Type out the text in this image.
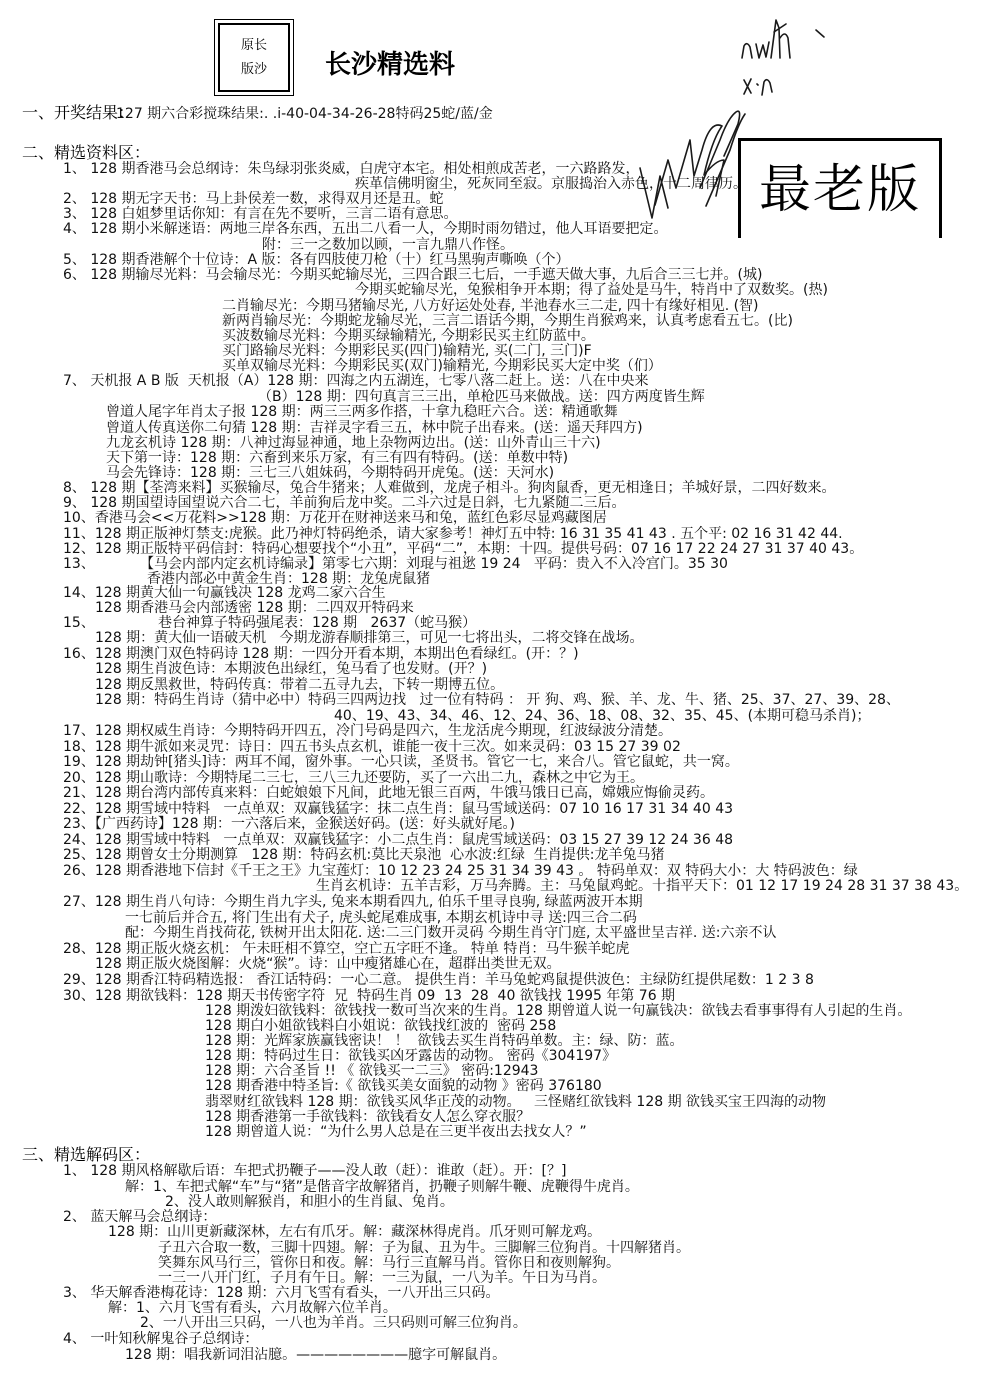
原长
版沙 长沙精选料
最老版
一、开奖结果：
127 期六合彩搅珠结果:. .i-40-04-34-26-28特码25蛇/蓝/金
二、精选资料区：
1、 128 期香港马会总纲诗：朱鸟绿羽张炎威，白虎守本宅。相处相煎成苦老，一六路路发，
疾革信佛明窗尘，死灰同至寂。京服捣治入赤色，十二周律历。
2、 128 期无字天书：马上卦侯差一数，求得双月还是丑。蛇
3、 128 白姐梦里话你知：有言在先不要听，三言二语有意思。
4、 128 期小米解迷语：两地三岸各东西，五出二八看一人，今期时雨勿错过，他人耳语要把定。
附：三一之数加以顾，一言九鼎八作怪。
5、 128 期香港解个十位诗：A 版：各有四肢使刀枪（十）红马黑驹声嘶唤（个）
6、 128 期输尽光料：马会输尽光：今期买蛇输尽光，三四合跟三七后，一手遮天做大事，九后合三三七并。(城)
今期买蛇输尽光，兔猴相争开本期；得了益处是马牛，特肖中了双数奖。(热)
二肖输尽光：今期马猪输尽光, 八方好运处处春, 半池春水三二走, 四十有缘好相见. (智)
新两肖输尽光：今期蛇龙输尽光，三言二语话今期，今期生肖猴鸡来，认真考虑看五七。(比)
买波数输尽光料：今期买绿输精光, 今期彩民买主红防蓝中。
买门路输尽光料：今期彩民买(四门)输精光, 买(二门, 三门)F
买单双输尽光料：今期彩民买(双门)输精光, 今期彩民买大定中奖（们）
7、 天机报 A B 版  天机报（A）128 期：四海之内五湖连，七零八落二赶上。送：八在中央来
（B）128 期：四句真言三三出，单枪匹马来做战。送：四方两度皆生辉
曾道人尾字年肖太子报 128 期：两三三两多作搭，十拿九稳旺六合。送：精通歌舞
曾道人传真送你二句猜 128 期：吉祥灵字看三五，林中院子出春来。(送：遥天拜四方)
九龙玄机诗 128 期：八神过海显神通，地上杂物两边出。(送：山外青山三十六)
天下第一诗：128 期：六畜到来乐万家，有三有四有特码。(送：单数中特)
马会先锋诗：128 期：三七三八姐妹码，今期特码开虎兔。(送：天河水)
8、 128 期【荃湾来料】买猴输尽，兔合牛猪来；人难做到，龙虎子相斗。狗肉鼠香，更无相逢日；羊城好景，二四好数来。
9、 128 期国望诗国望说六合二七，羊前狗后龙中奖。二斗六过是日斜，七九紧随二三后。
10、香港马会<<万花料>>128 期：万花开在财神送来马和兔，蓝红色彩尽显鸡藏图居
11、128 期正版神灯禁支:虎猴。此乃神灯特码绝杀，请大家参考！神灯五中特: 16 31 35 41 43 . 五个平: 02 16 31 42 44.
12、128 期正版特平码信封：特码心想要找个“小丑”，平码“二”，本期：十四。提供号码：07 16 17 22 24 27 31 37 40 43。
13、	【马会内部内定玄机诗编录】第零七六期：刘琨与祖逖 19 24   平码：贵入不入冷宫门。35 30
香港内部必中黄金生肖：128 期：龙兔虎鼠猪
14、128 期黄大仙一句赢钱决 128 龙鸡二家六合生
128 期香港马会内部透密 128 期：二四双开特码来
15、	巷台神算子特码强尾表：128 期   2637（蛇马猴）
128 期：黄大仙一语破天机   今期龙游春顺排第三，可见一七将出头，二将交锋在战场。
16、128 期澳门双色特码诗 128 期：一四分开看本期，本期出色看绿红。(开：？)
128 期生肖波色诗：本期波色出绿红，兔马看了也发财。(开？)
128 期反黑救世，特码传真：带着二五寻九去，下转一期博五位。
128 期：特码生肖诗（猜中必中）特码三四两边找   过一位有特码 ： 开 狗、鸡、猴、羊、龙、牛、猪、25、37、27、39、28、
40、19、43、34、46、12、24、36、18、08、32、35、45、(本期可稳马杀肖)；
17、128 期权威生肖诗：今期特码开四五，冷门号码是四六，生龙活虎今期现，红波绿波分清楚。
18、128 期牛派如来灵咒：诗日：四五书头点玄机，谁能一夜十三次。如来灵码：03 15 27 39 02
19、128 期劫钟[猪头]诗：两耳不闻，窗外事。一心只读，圣贤书。管它一七，来合八。管它鼠蛇，共一窝。
20、128 期山歌诗：今期特尾二三七，三八三九还要防，买了一六出二九，森林之中它为王。
21、128 期台湾内部传真来料：白蛇娘娘下凡间，此地无银三百两，牛饿马饿日已高，嫦娥应悔偷灵药。
22、128 期雪域中特料   一点单双：双赢钱猛字：抹二点生肖：鼠马雪域送码：07 10 16 17 31 34 40 43
23、【广西药诗】128 期：一六落后来，金猴送好码。(送：好头就好尾。)
24、128 期雪域中特料   一点单双：双赢钱猛字：小二点生肖：鼠虎雪域送码：03 15 27 39 12 24 36 48
25、128 期曾女士分期测算   128 期：特码玄机:莫比天泉池  心水波:红绿  生肖提供:龙羊兔马猪
26、128 期香港地下信封《千王之王》九宝莲灯：10 12 23 24 25 31 34 39 43 。 特码单双：双 特码大小：大 特码波色：绿
生肖玄机诗：五羊吉彩，万马奔腾。主：马兔鼠鸡蛇。十指平天下：01 12 17 19 24 28 31 37 38 43。
27、128 期生肖八句诗：今期生肖九字头, 兔来本期看四九, 伯乐千里寻良驹, 绿蓝两波开本期
一七前后并合五, 将门生出有犬子, 虎头蛇尾难成事, 本期玄机诗中寻 送:四三合二码
配：今期生肖找荷花, 铁树开出太阳花. 送:二三门数开灵码 今期生肖守门庭, 太平盛世呈吉祥. 送:六亲不认
28、128 期正版火烧玄机： 午未旺相不算空，空亡五字旺不逢。 特单 特肖：马牛猴羊蛇虎
128 期正版火烧图解：火烧“猴”。诗：山中瘦猪雄心在，超群出类世无双。
29、128 期香江特码精选报： 香江话特码：一心二意。 提供生肖：羊马兔蛇鸡鼠提供波色：主绿防红提供尾数：1 2 3 8
30、128 期欲钱料：128 期天书传密字符  兄  特码生肖 09  13  28  40 欲钱找 1995 年第 76 期
128 期泼妇欲钱料：欲钱找一数可当次来的生肖。128 期曾道人说一句赢钱决：欲钱去看事事得有人引起的生肖。
128 期白小姐欲钱料白小姐说：欲钱找红波的  密码 258
128 期：光辉家族赢钱密诀！ ！  欲钱去买生肖特码单数。主：绿、防：蓝。
128 期：特码过生日：欲钱买凶牙露齿的动物。 密码《304197》
128 期：六合圣旨 !! 《 欲钱买一二三》 密码:12943
128 期香港中特圣旨:《 欲钱买美女面貌的动物 》密码 376180
翡翠财红欲钱料 128 期：欲钱买风华正茂的动物。   三怪赌红欲钱料 128 期 欲钱买宝王四海的动物
128 期香港第一手欲钱料：欲钱看女人怎么穿衣服？
128 期曾道人说：“为什么男人总是在三更半夜出去找女人？”
三、精选解码区：
1、 128 期风格解歇后语：车把式扔鞭子——没人敢（赶）：谁敢（赶）。开：[？]
解：1、车把式解“车”与“猪”是偕音字故解猪肖，扔鞭子则解牛鞭、虎鞭得牛虎肖。
2、没人敢则解猴肖，和胆小的生肖鼠、兔肖。
2、 蓝天解马会总纲诗：
128 期：山川更新藏深林，左右有爪牙。解：藏深林得虎肖。爪牙则可解龙鸡。
子丑六合取一数，三脚十四翅。解：子为鼠、丑为牛。三脚解三位狗肖。十四解猪肖。
笑舞东风马行三，管你日和夜。解：马行三直解马肖。管你日和夜则解狗。
一三一八开门红，子月有午日。解：一三为鼠，一八为羊。午日为马肖。
3、 华天解香港梅花诗：128 期：六月飞雪有看头，一八开出三只码。
解：1、六月飞雪有看头，六月故解六位羊肖。
2、一八开出三只码，一八也为羊肖。三只码则可解三位狗肖。
4、 一叶知秋解鬼谷子总纲诗：
128 期：唱我新词泪沾臆。————————臆字可解鼠肖。
